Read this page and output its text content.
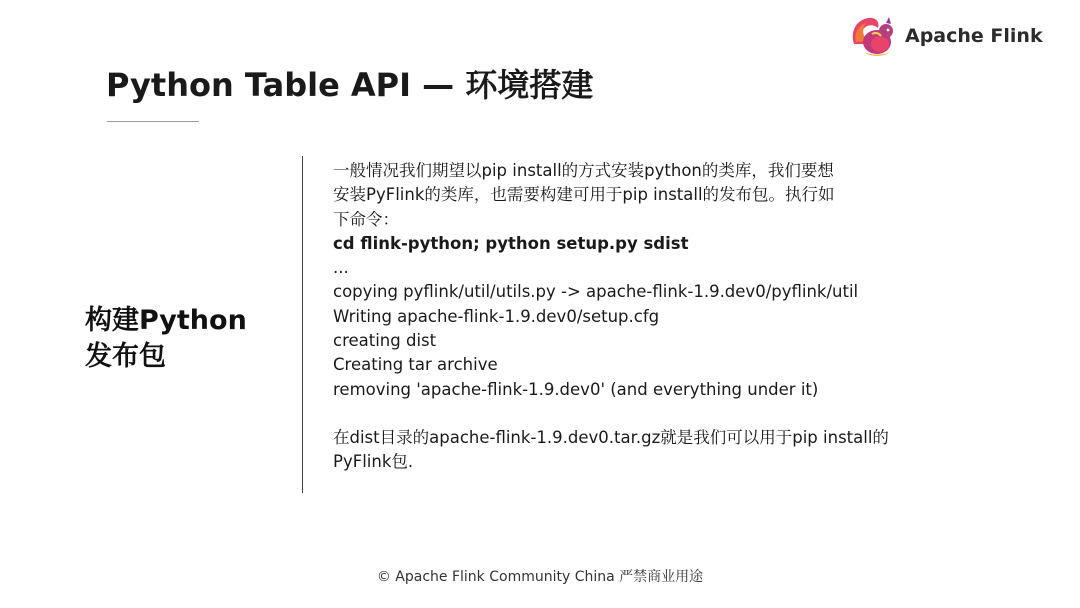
Apache Flink
Python Table API — 环境搭建
构建Python
发布包
一般情况我们期望以pip install的方式安装python的类库，我们要想
安装PyFlink的类库，也需要构建可用于pip install的发布包。执行如
下命令：
cd flink-python; python setup.py sdist
...
copying pyflink/util/utils.py -> apache-flink-1.9.dev0/pyflink/util
Writing apache-flink-1.9.dev0/setup.cfg
creating dist
Creating tar archive
removing 'apache-flink-1.9.dev0' (and everything under it)
在dist目录的apache-flink-1.9.dev0.tar.gz就是我们可以用于pip install的
PyFlink包.
© Apache Flink Community China 严禁商业用途
